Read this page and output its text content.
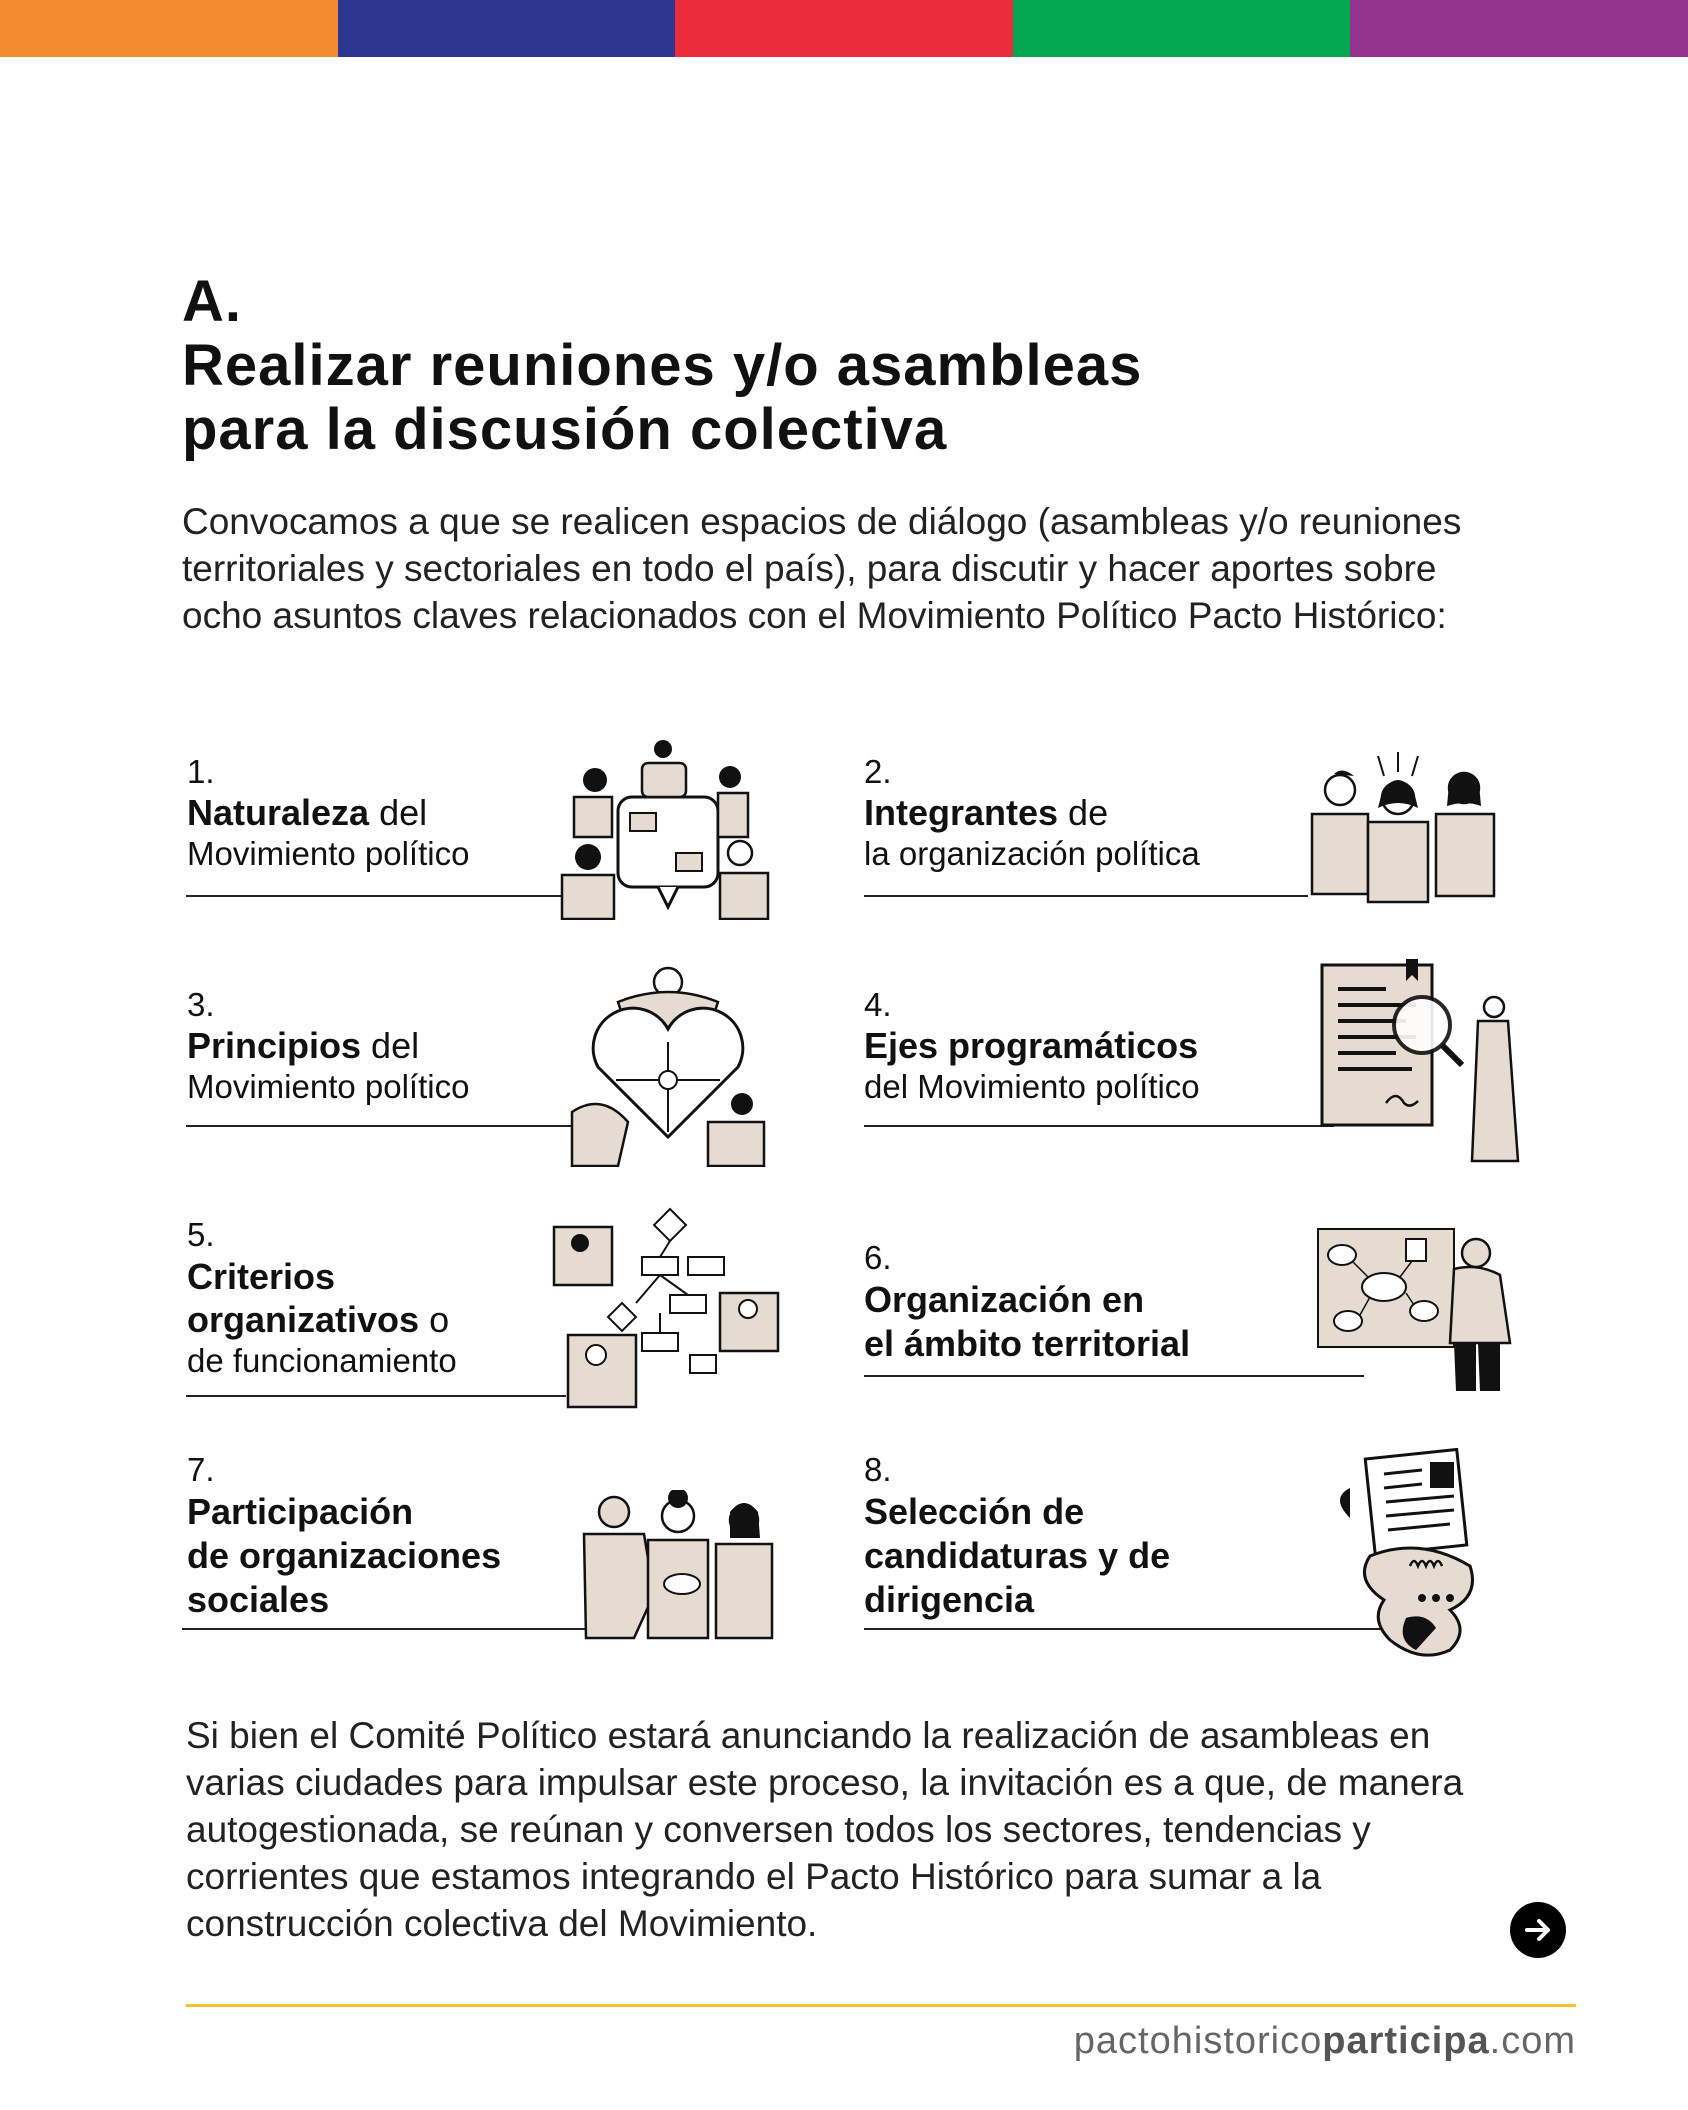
A.
Realizar reuniones y/o asambleas
para la discusión colectiva

Convocamos a que se realicen espacios de diálogo (asambleas y/o reuniones territoriales y sectoriales en todo el país), para discutir y hacer aportes sobre ocho asuntos claves relacionados con el Movimiento Político Pacto Histórico:

1.
Naturaleza del
Movimiento político
2.
Integrantes de
la organización política
3.
Principios del
Movimiento político
4.
Ejes programáticos
del Movimiento político
5.
Criterios
organizativos o
de funcionamiento
6.
Organización en
el ámbito territorial
7.
Participación
de organizaciones
sociales
8.
Selección de
candidaturas y de
dirigencia

Si bien el Comité Político estará anunciando la realización de asambleas en varias ciudades para impulsar este proceso, la invitación es a que, de manera autogestionada, se reúnan y conversen todos los sectores, tendencias y corrientes que estamos integrando el Pacto Histórico para sumar a la construcción colectiva del Movimiento.

pactohistoricoparticipa.com
